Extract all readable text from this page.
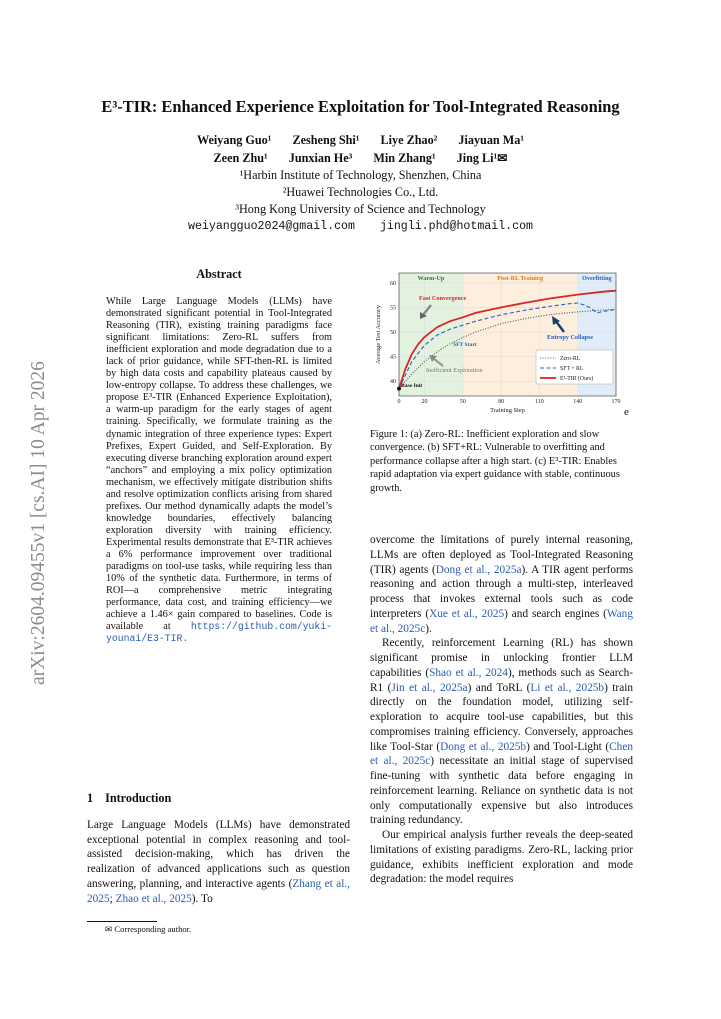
arXiv:2604.09455v1 [cs.AI] 10 Apr 2026
E³-TIR: Enhanced Experience Exploitation for Tool-Integrated Reasoning
Weiyang Guo¹ Zesheng Shi¹ Liye Zhao² Jiayuan Ma¹
Zeen Zhu¹ Junxian He³ Min Zhang¹ Jing Li¹✉
¹Harbin Institute of Technology, Shenzhen, China
²Huawei Technologies Co., Ltd.
³Hong Kong University of Science and Technology
weiyangguo2024@gmail.com jingli.phd@hotmail.com
Abstract
While Large Language Models (LLMs) have demonstrated significant potential in Tool-Integrated Reasoning (TIR), existing training paradigms face significant limitations: Zero-RL suffers from inefficient exploration and mode degradation due to a lack of prior guidance, while SFT-then-RL is limited by high data costs and capability plateaus caused by low-entropy collapse. To address these challenges, we propose E³-TIR (Enhanced Experience Exploitation), a warm-up paradigm for the early stages of agent training. Specifically, we formulate training as the dynamic integration of three experience types: Expert Prefixes, Expert Guided, and Self-Exploration. By executing diverse branching exploration around expert “anchors” and employing a mix policy optimization mechanism, we effectively mitigate distribution shifts and resolve optimization conflicts arising from shared prefixes. Our method dynamically adapts the model’s knowledge boundaries, effectively balancing exploration diversity with training efficiency. Experimental results demonstrate that E³-TIR achieves a 6% performance improvement over traditional paradigms on tool-use tasks, while requiring less than 10% of the synthetic data. Furthermore, in terms of ROI—a comprehensive metric integrating performance, data cost, and training efficiency—we achieve a 1.46× gain compared to baselines. Code is available at https://github.com/yuki-younai/E3-TIR.
1 Introduction
Large Language Models (LLMs) have demonstrated exceptional potential in complex reasoning and tool-assisted decision-making, which has driven the realization of advanced applications such as question answering, planning, and interactive agents (Zhang et al., 2025; Zhao et al., 2025). To
✉ Corresponding author.
Warm-Up	Post-RL Training	Overfitting
0	20	50	80	110	140	170
40
45
50
55
60
Training Step
Average Test Accuracy
Fast Convergence
SFT Start
Entropy Collapse
Inefficient Exploration
Base Init
Zero-RL
SFT + RL
E³-TIR (Ours)
e
Figure 1: (a) Zero-RL: Inefficient exploration and slow convergence. (b) SFT+RL: Vulnerable to overfitting and performance collapse after a high start. (c) E³-TIR: Enables rapid adaptation via expert guidance with stable, continuous growth.

overcome the limitations of purely internal reasoning, LLMs are often deployed as Tool-Integrated Reasoning (TIR) agents (Dong et al., 2025a). A TIR agent performs reasoning and action through a multi-step, interleaved process that invokes external tools such as code interpreters (Xue et al., 2025) and search engines (Wang et al., 2025c).

Recently, reinforcement Learning (RL) has shown significant promise in unlocking frontier LLM capabilities (Shao et al., 2024), methods such as Search-R1 (Jin et al., 2025a) and ToRL (Li et al., 2025b) train directly on the foundation model, utilizing self-exploration to acquire tool-use capabilities, but this compromises training efficiency. Conversely, approaches like Tool-Star (Dong et al., 2025b) and Tool-Light (Chen et al., 2025c) necessitate an initial stage of supervised fine-tuning with synthetic data before engaging in reinforcement learning. Reliance on synthetic data is not only computationally expensive but also introduces training redundancy.

Our empirical analysis further reveals the deep-seated limitations of existing paradigms. Zero-RL, lacking prior guidance, exhibits inefficient exploration and mode degradation: the model requires
